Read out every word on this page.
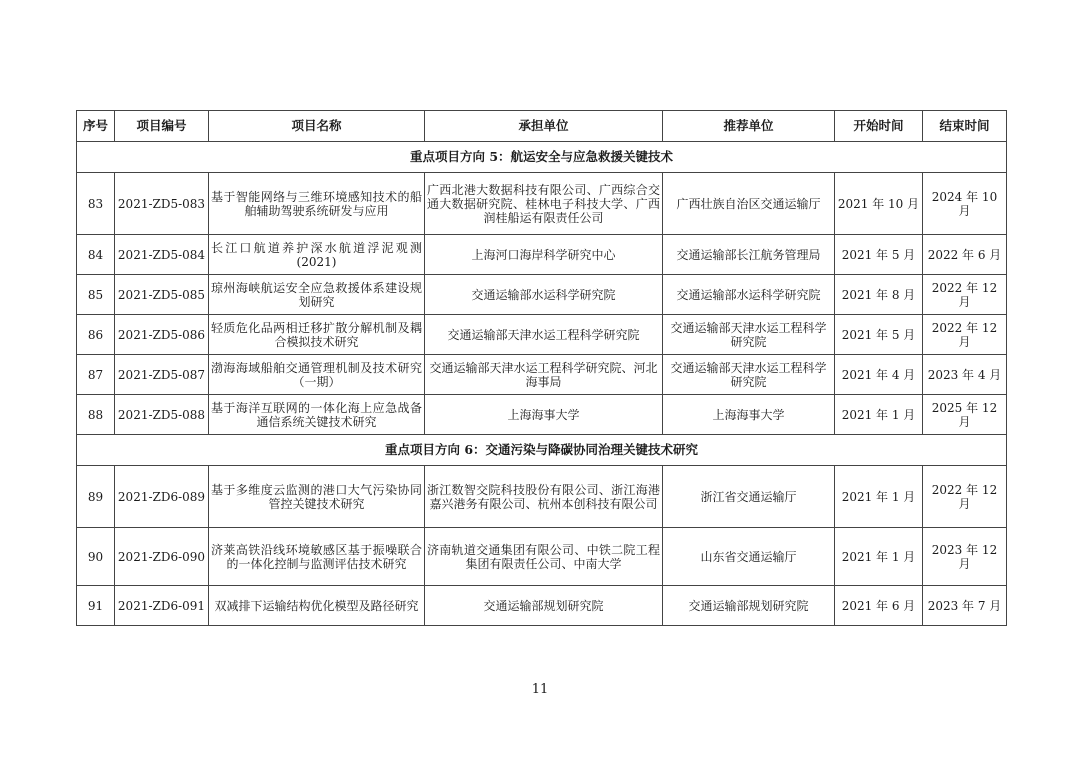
序号	项目编号	项目名称	承担单位	推荐单位	开始时间	结束时间
重点项目方向 5：航运安全与应急救援关键技术						
83	2021-ZD5-083	基于智能网络与三维环境感知技术的船舶辅助驾驶系统研发与应用	广西北港大数据科技有限公司、广西综合交通大数据研究院、桂林电子科技大学、广西润桂船运有限责任公司	广西壮族自治区交通运输厅	2021 年 10 月	2024 年 10 月
84	2021-ZD5-084	长江口航道养护深水航道浮泥观测(2021)	上海河口海岸科学研究中心	交通运输部长江航务管理局	2021 年 5 月	2022 年 6 月
85	2021-ZD5-085	琼州海峡航运安全应急救援体系建设规划研究	交通运输部水运科学研究院	交通运输部水运科学研究院	2021 年 8 月	2022 年 12 月
86	2021-ZD5-086	轻质危化品两相迁移扩散分解机制及耦合模拟技术研究	交通运输部天津水运工程科学研究院	交通运输部天津水运工程科学研究院	2021 年 5 月	2022 年 12 月
87	2021-ZD5-087	渤海海域船舶交通管理机制及技术研究（一期）	交通运输部天津水运工程科学研究院、河北海事局	交通运输部天津水运工程科学研究院	2021 年 4 月	2023 年 4 月
88	2021-ZD5-088	基于海洋互联网的一体化海上应急战备通信系统关键技术研究	上海海事大学	上海海事大学	2021 年 1 月	2025 年 12 月
重点项目方向 6：交通污染与降碳协同治理关键技术研究						
89	2021-ZD6-089	基于多维度云监测的港口大气污染协同管控关键技术研究	浙江数智交院科技股份有限公司、浙江海港嘉兴港务有限公司、杭州本创科技有限公司	浙江省交通运输厅	2021 年 1 月	2022 年 12 月
90	2021-ZD6-090	济莱高铁沿线环境敏感区基于振噪联合的一体化控制与监测评估技术研究	济南轨道交通集团有限公司、中铁二院工程集团有限责任公司、中南大学	山东省交通运输厅	2021 年 1 月	2023 年 12 月
91	2021-ZD6-091	双减排下运输结构优化模型及路径研究	交通运输部规划研究院	交通运输部规划研究院	2021 年 6 月	2023 年 7 月
11
